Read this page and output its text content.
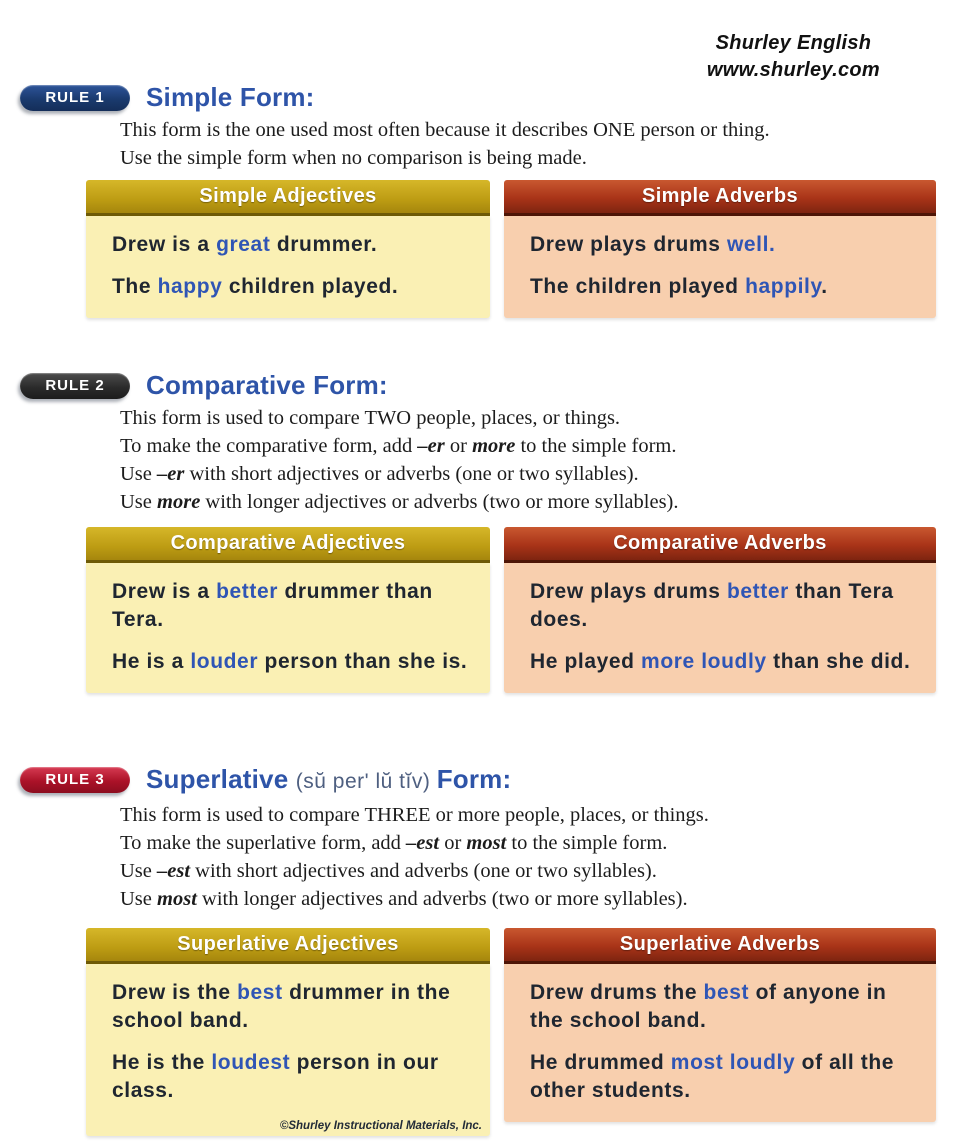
Shurley English
www.shurley.com
RULE 1	Simple Form:

This form is the one used most often because it describes ONE person or thing.

Use the simple form when no comparison is being made.

Simple Adjectives

Drew is a great drummer.

The happy children played.

Simple Adverbs

Drew plays drums well.

The children played happily.

RULE 2	Comparative Form:

This form is used to compare TWO people, places, or things.

To make the comparative form, add –er or more to the simple form.

Use –er with short adjectives or adverbs (one or two syllables).

Use more with longer adjectives or adverbs (two or more syllables).

Comparative Adjectives

Drew is a better drummer than Tera.

He is a louder person than she is.

Comparative Adverbs

Drew plays drums better than Tera does.

He played more loudly than she did.

RULE 3	Superlative (sŭ per' lŭ tĭv) Form:

This form is used to compare THREE or more people, places, or things.

To make the superlative form, add –est or most to the simple form.

Use –est with short adjectives and adverbs (one or two syllables).

Use most with longer adjectives and adverbs (two or more syllables).

Superlative Adjectives

Drew is the best drummer in the school band.

He is the loudest person in our class.

©Shurley Instructional Materials, Inc.
Superlative Adverbs

Drew drums the best of anyone in the school band.

He drummed most loudly of all the other students.
